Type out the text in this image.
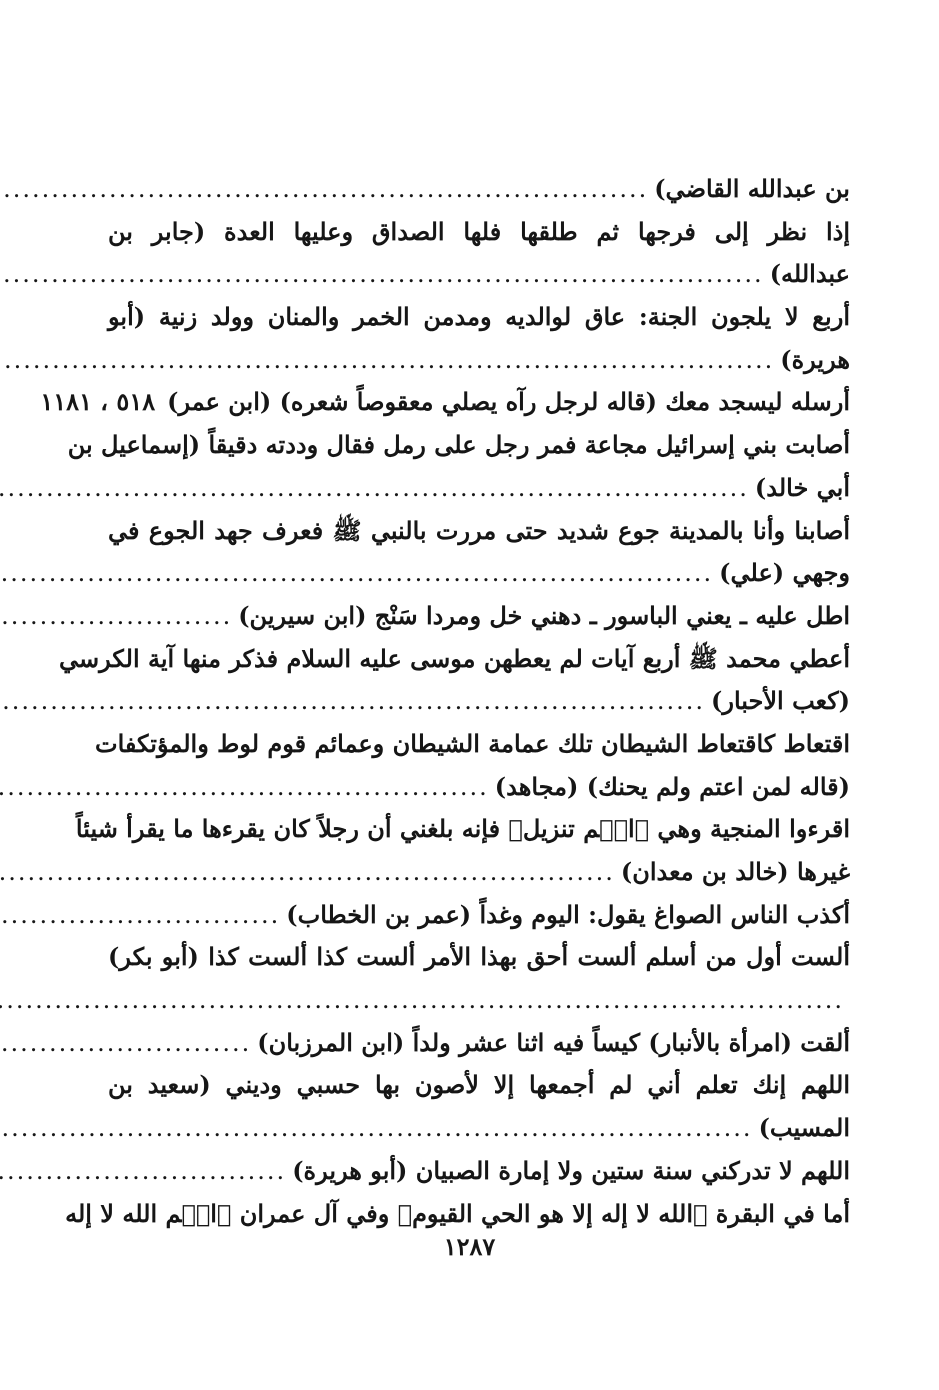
بن عبدالله القاضي)
.....
إذا نظر إلى فرجها ثم طلقها فلها الصداق وعليها العدة (جابر بن
عبدالله)
.....
أربع لا يلجون الجنة: عاق لوالديه ومدمن الخمر والمنان وولد زنية (أبو
هريرة)
.....
أرسله ليسجد معك (قاله لرجل رآه يصلي معقوصاً شعره) (ابن عمر)
٥١٨ ، ١١٨١
أصابت بني إسرائيل مجاعة فمر رجل على رمل فقال وددته دقيقاً (إسماعيل بن
أبي خالد)
.....
أصابنا وأنا بالمدينة جوع شديد حتى مررت بالنبي ﷺ فعرف جهد الجوع في
وجهي (علي)
.....
اطل عليه ـ يعني الباسور ـ دهني خل ومردا سَنْج (ابن سيرين)
.....
أعطي محمد ﷺ أربع آيات لم يعطهن موسى عليه السلام فذكر منها آية الكرسي
(كعب الأحبار)
.....
اقتعاط كاقتعاط الشيطان تلك عمامة الشيطان وعمائم قوم لوط والمؤتكفات
(قاله لمن اعتم ولم يحنك) (مجاهد)
.....
اقرءوا المنجية وهي ﴿الۤم تنزيل﴾ فإنه بلغني أن رجلاً كان يقرءها ما يقرأ شيئاً
غيرها (خالد بن معدان)
.....
أكذب الناس الصواغ يقول: اليوم وغداً (عمر بن الخطاب)
.....
ألست أول من أسلم ألست أحق بهذا الأمر ألست كذا ألست كذا (أبو بكر)
.....
ألقت (امرأة بالأنبار) كيساً فيه اثنا عشر ولداً (ابن المرزبان)
.....
اللهم إنك تعلم أني لم أجمعها إلا لأصون بها حسبي وديني (سعيد بن
المسيب)
.....
اللهم لا تدركني سنة ستين ولا إمارة الصبيان (أبو هريرة)
.....
أما في البقرة ﴿الله لا إله إلا هو الحي القيوم﴾ وفي آل عمران ﴿الۤم الله لا إله
١٢٨٧
